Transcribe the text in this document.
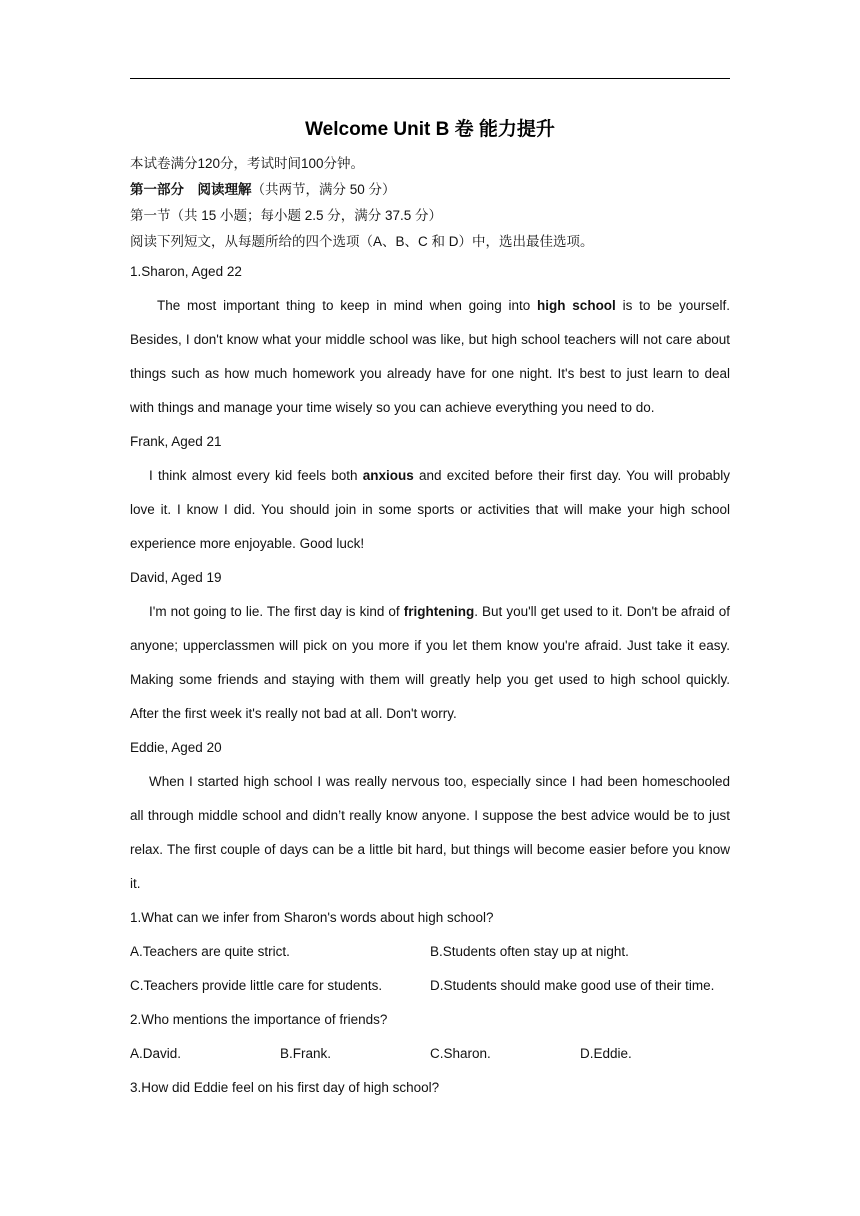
Welcome Unit B 卷 能力提升
本试卷满分120分，考试时间100分钟。
第一部分　阅读理解（共两节，满分 50 分）
第一节（共 15 小题；每小题 2.5 分，满分 37.5 分）
阅读下列短文，从每题所给的四个选项（A、B、C 和 D）中，选出最佳选项。
1.Sharon, Aged 22

The most important thing to keep in mind when going into high school is to be yourself. Besides, I don't know what your middle school was like, but high school teachers will not care about things such as how much homework you already have for one night. It's best to just learn to deal with things and manage your time wisely so you can achieve everything you need to do.

Frank, Aged 21

I think almost every kid feels both anxious and excited before their first day. You will probably love it. I know I did. You should join in some sports or activities that will make your high school experience more enjoyable. Good luck!

David, Aged 19

I'm not going to lie. The first day is kind of frightening. But you'll get used to it. Don't be afraid of anyone; upperclassmen will pick on you more if you let them know you're afraid. Just take it easy. Making some friends and staying with them will greatly help you get used to high school quickly. After the first week it's really not bad at all. Don't worry.

Eddie, Aged 20

When I started high school I was really nervous too, especially since I had been homeschooled all through middle school and didn’t really know anyone. I suppose the best advice would be to just relax. The first couple of days can be a little bit hard, but things will become easier before you know it.

1.What can we infer from Sharon's words about high school?
A.Teachers are quite strict.	B.Students often stay up at night.
C.Teachers provide little care for students.	D.Students should make good use of their time.
2.Who mentions the importance of friends?
A.David.	B.Frank.	C.Sharon.	D.Eddie.
3.How did Eddie feel on his first day of high school?
